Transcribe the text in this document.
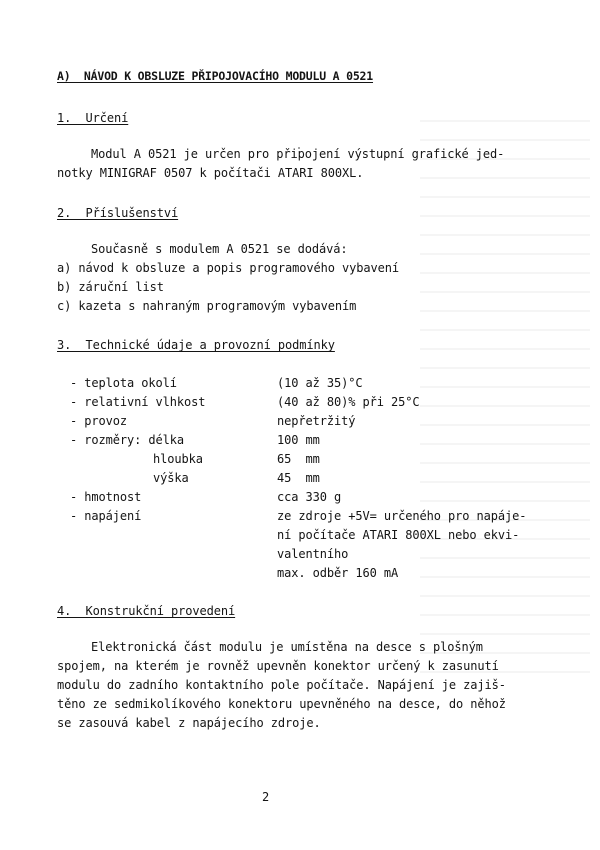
A)  NÁVOD K OBSLUZE PŘIPOJOVACÍHO MODULU A 0521
1.  Určení
Modul A 0521 je určen pro připojení výstupní grafické jed-
notky MINIGRAF 0507 k počítači ATARI 800XL.
2.  Příslušenství
Současně s modulem A 0521 se dodává:
a) návod k obsluze a popis programového vybavení
b) záruční list
c) kazeta s nahraným programovým vybavením
3.  Technické údaje a provozní podmínky
- teplota okolí	(10 až 35)°C
- relativní vlhkost	(40 až 80)% při 25°C
- provoz	nepřetržitý
- rozměry: délka	100 mm
hloubka	65  mm
výška	45  mm
- hmotnost	cca 330 g
- napájení	ze zdroje +5V= určeného pro napáje-
ní počítače ATARI 800XL nebo ekvi-
valentního
max. odběr 160 mA
4.  Konstrukční provedení
Elektronická část modulu je umístěna na desce s plošným
spojem, na kterém je rovněž upevněn konektor určený k zasunutí
modulu do zadního kontaktního pole počítače. Napájení je zajiš-
těno ze sedmikolíkového konektoru upevněného na desce, do něhož
se zasouvá kabel z napájecího zdroje.
2
